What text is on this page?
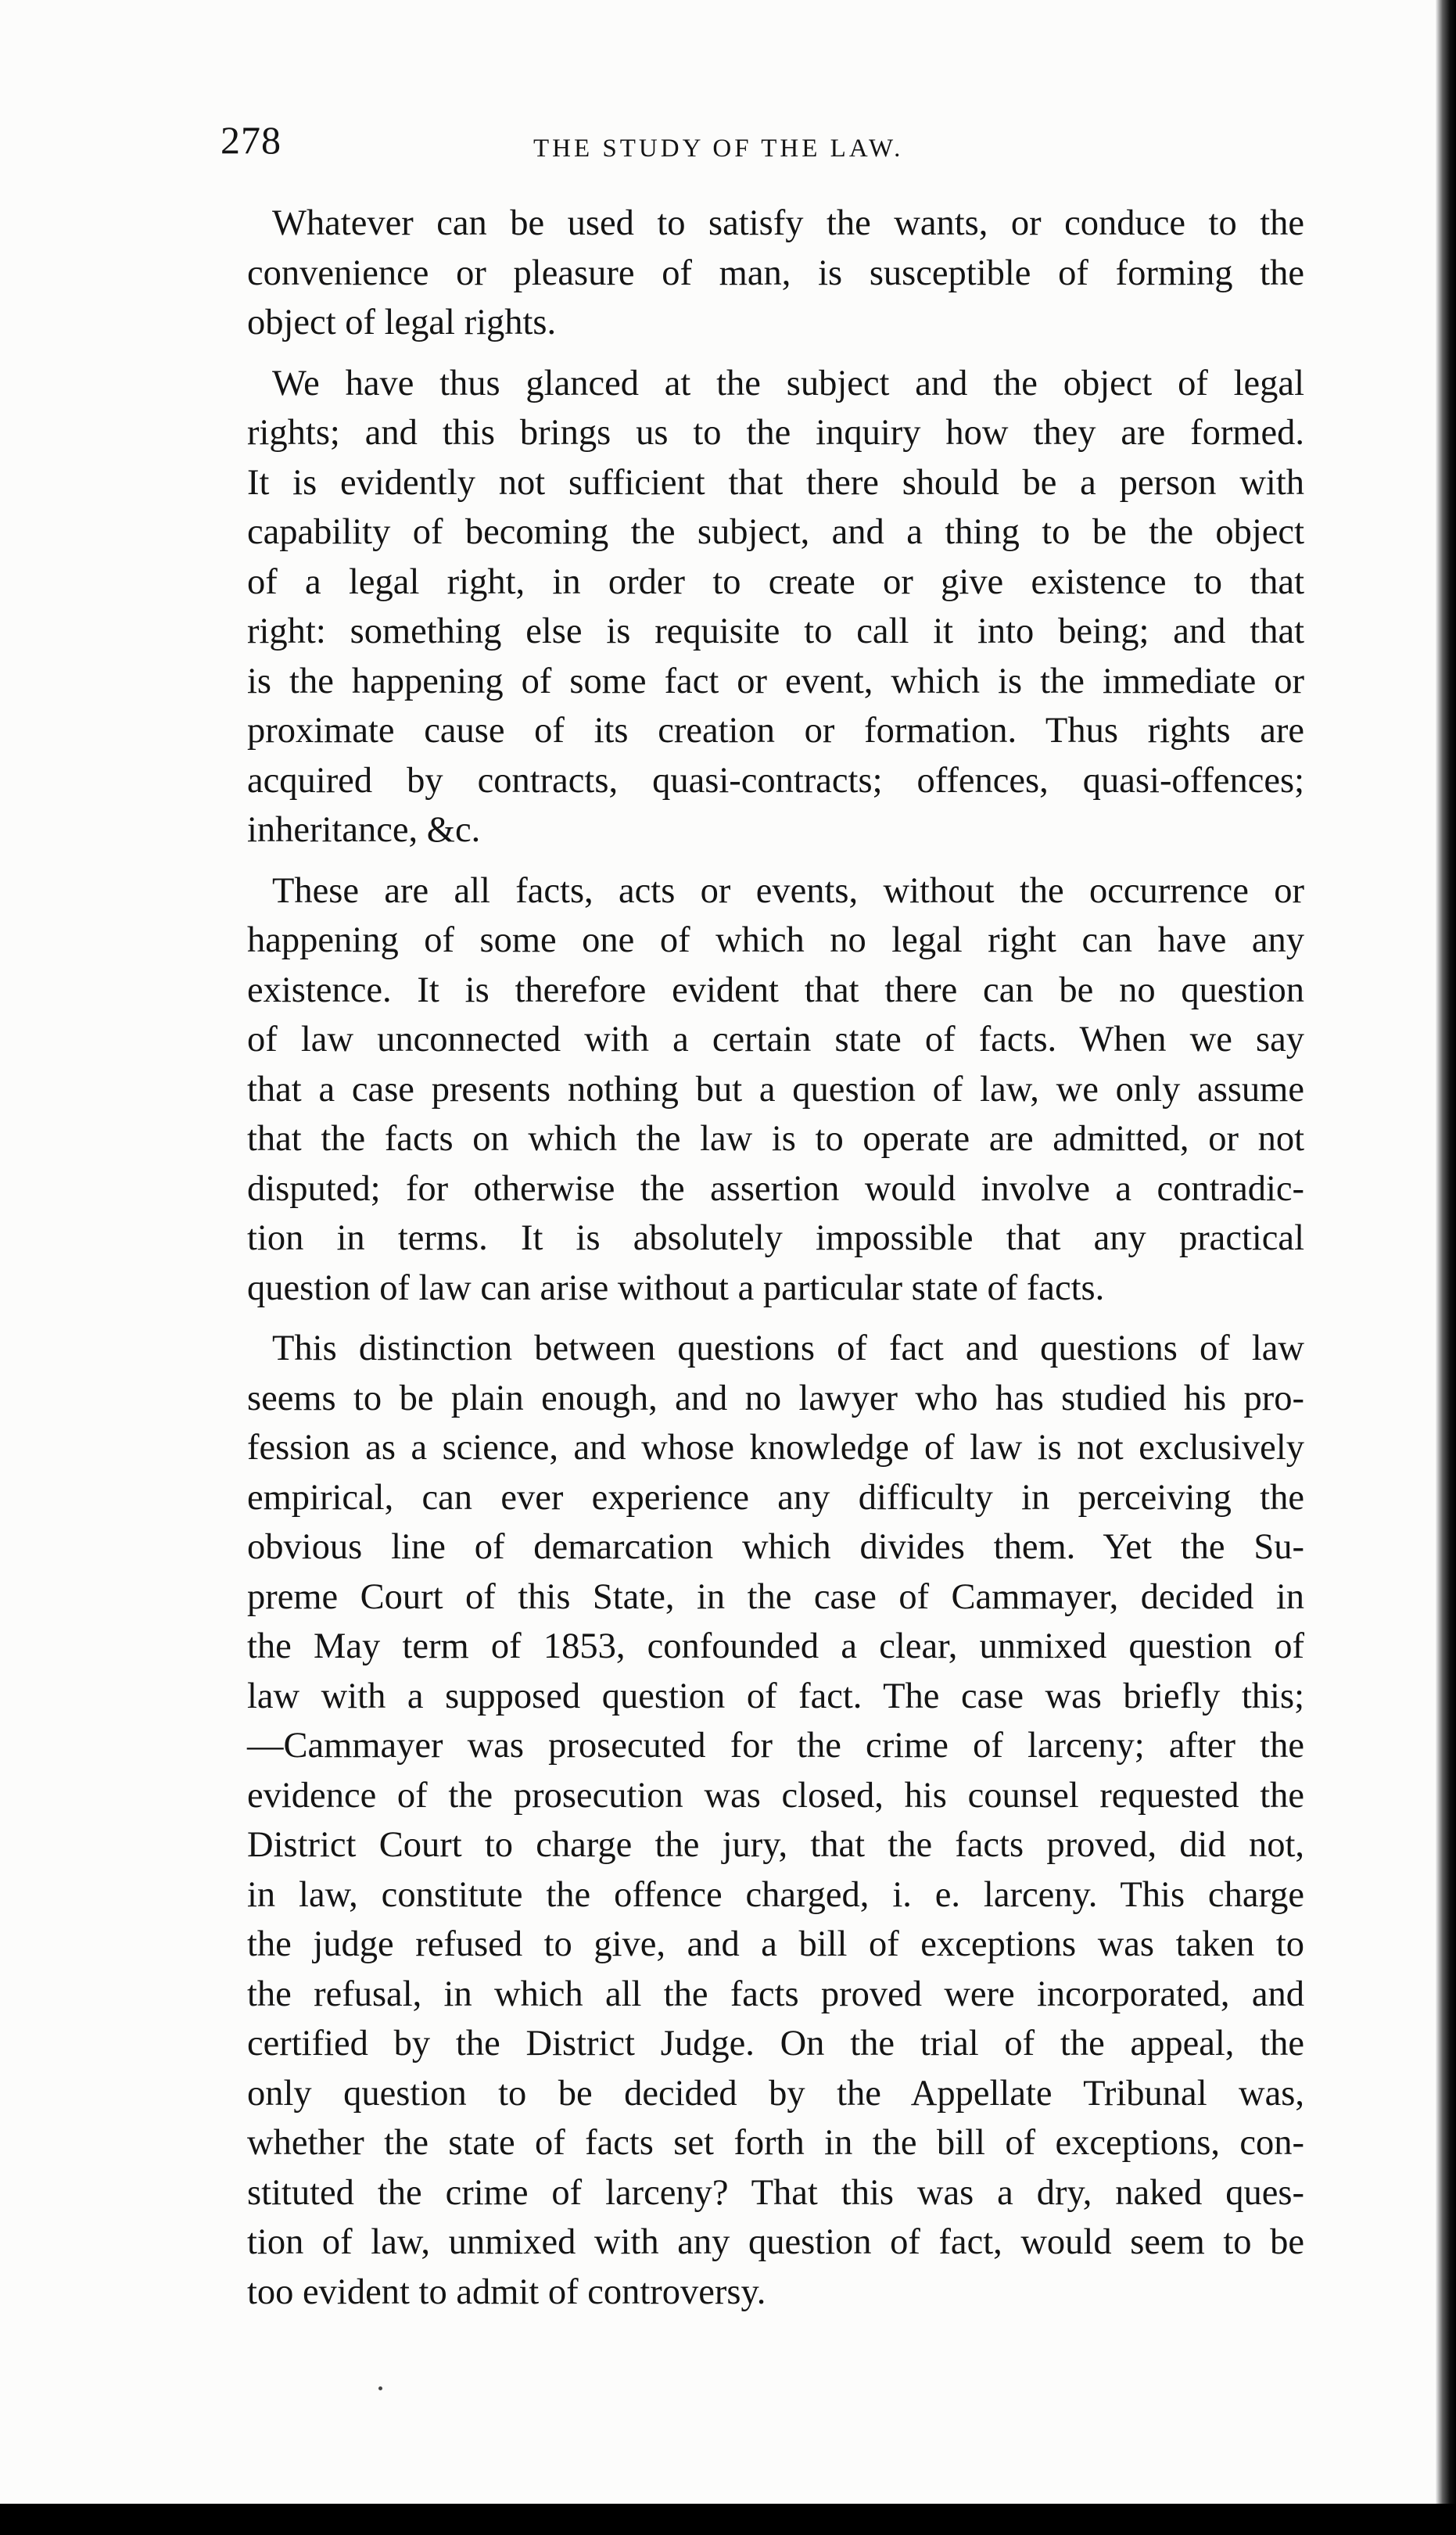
278	THE STUDY OF THE LAW.
Whatever can be used to satisfy the wants, or conduce to the
convenience or pleasure of man, is susceptible of forming the
object of legal rights.
We have thus glanced at the subject and the object of legal
rights; and this brings us to the inquiry how they are formed.
It is evidently not sufficient that there should be a person with
capability of becoming the subject, and a thing to be the object
of a legal right, in order to create or give existence to that
right: something else is requisite to call it into being; and that
is the happening of some fact or event, which is the immediate or
proximate cause of its creation or formation. Thus rights are
acquired by contracts, quasi-contracts; offences, quasi-offences;
inheritance, &c.
These are all facts, acts or events, without the occurrence or
happening of some one of which no legal right can have any
existence. It is therefore evident that there can be no question
of law unconnected with a certain state of facts. When we say
that a case presents nothing but a question of law, we only assume
that the facts on which the law is to operate are admitted, or not
disputed; for otherwise the assertion would involve a contradic-
tion in terms. It is absolutely impossible that any practical
question of law can arise without a particular state of facts.
This distinction between questions of fact and questions of law
seems to be plain enough, and no lawyer who has studied his pro-
fession as a science, and whose knowledge of law is not exclusively
empirical, can ever experience any difficulty in perceiving the
obvious line of demarcation which divides them. Yet the Su-
preme Court of this State, in the case of Cammayer, decided in
the May term of 1853, confounded a clear, unmixed question of
law with a supposed question of fact. The case was briefly this;
—Cammayer was prosecuted for the crime of larceny; after the
evidence of the prosecution was closed, his counsel requested the
District Court to charge the jury, that the facts proved, did not,
in law, constitute the offence charged, i. e. larceny. This charge
the judge refused to give, and a bill of exceptions was taken to
the refusal, in which all the facts proved were incorporated, and
certified by the District Judge. On the trial of the appeal, the
only question to be decided by the Appellate Tribunal was,
whether the state of facts set forth in the bill of exceptions, con-
stituted the crime of larceny? That this was a dry, naked ques-
tion of law, unmixed with any question of fact, would seem to be
too evident to admit of controversy.
